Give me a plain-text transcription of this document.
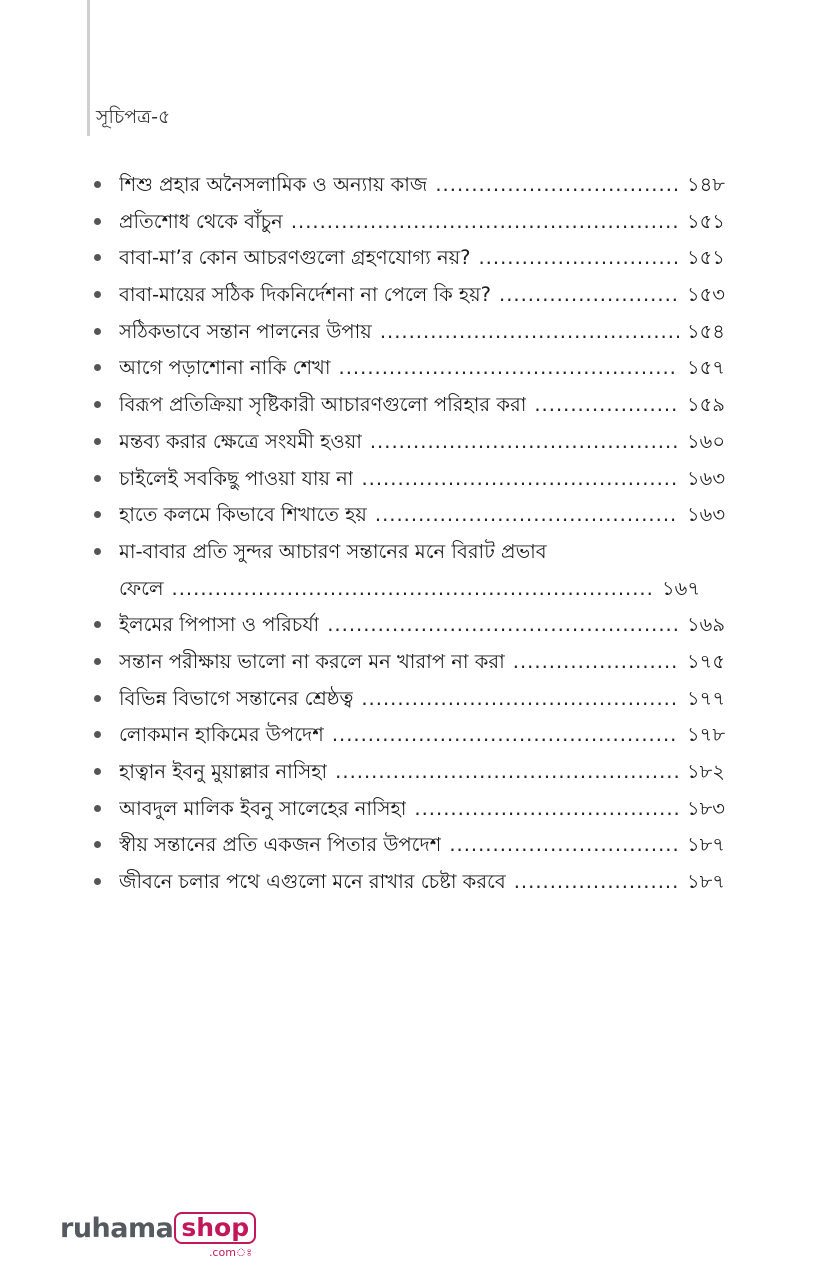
সূচিপত্র-৫
শিশু প্রহার অনৈসলামিক ও অন্যায় কাজ .....	১৪৮
প্রতিশোধ থেকে বাঁচুন .....	১৫১
বাবা-মা’র কোন আচরণগুলো গ্রহণযোগ্য নয়? .....	১৫১
বাবা-মায়ের সঠিক দিকনির্দেশনা না পেলে কি হয়? .....	১৫৩
সঠিকভাবে সন্তান পালনের উপায় .....	১৫৪
আগে পড়াশোনা নাকি শেখা .....	১৫৭
বিরূপ প্রতিক্রিয়া সৃষ্টিকারী আচারণগুলো পরিহার করা .....	১৫৯
মন্তব্য করার ক্ষেত্রে সংযমী হওয়া .....	১৬০
চাইলেই সবকিছু পাওয়া যায় না .....	১৬৩
হাতে কলমে কিভাবে শিখাতে হয় .....	১৬৩
মা-বাবার প্রতি সুন্দর আচারণ সন্তানের মনে বিরাট প্রভাব
ফেলে .....	১৬৭
ইলমের পিপাসা ও পরিচর্যা .....	১৬৯
সন্তান পরীক্ষায় ভালো না করলে মন খারাপ না করা .....	১৭৫
বিভিন্ন বিভাগে সন্তানের শ্রেষ্ঠত্ব .....	১৭৭
লোকমান হাকিমের উপদেশ .....	১৭৮
হাত্বান ইবনু মুয়াল্লার নাসিহা .....	১৮২
আবদুল মালিক ইবনু সালেহের নাসিহা .....	১৮৩
স্বীয় সন্তানের প্রতি একজন পিতার উপদেশ .....	১৮৭
জীবনে চলার পথে এগুলো মনে রাখার চেষ্টা করবে .....	১৮৭
ruhama shop
.comঃ
